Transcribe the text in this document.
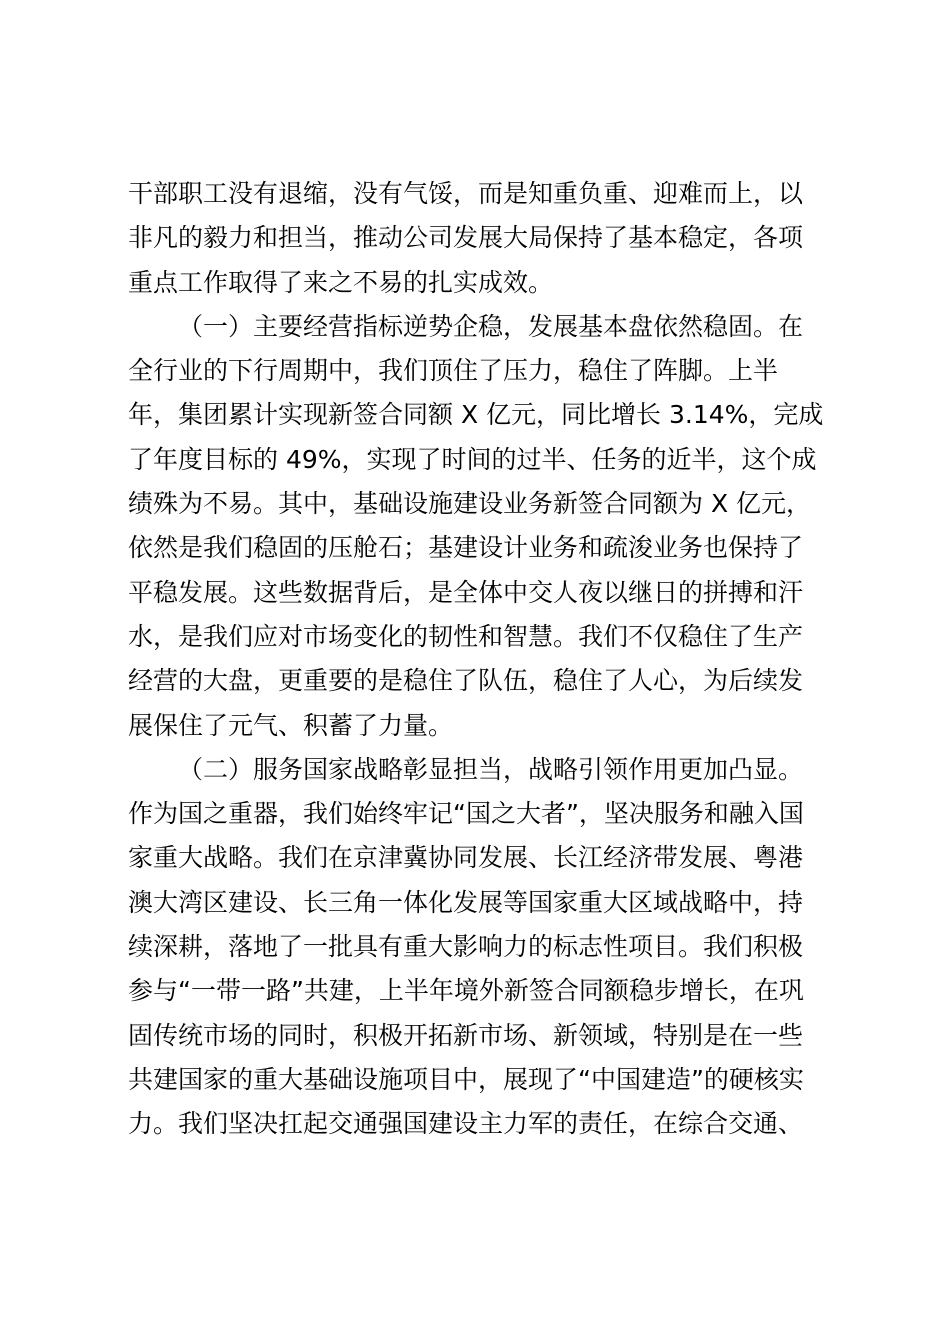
干部职工没有退缩，没有气馁，而是知重负重、迎难而上，以
非凡的毅力和担当，推动公司发展大局保持了基本稳定，各项
重点工作取得了来之不易的扎实成效。

（一）主要经营指标逆势企稳，发展基本盘依然稳固。在
全行业的下行周期中，我们顶住了压力，稳住了阵脚。上半
年，集团累计实现新签合同额 X 亿元，同比增长 3.14%，完成
了年度目标的 49%，实现了时间的过半、任务的近半，这个成
绩殊为不易。其中，基础设施建设业务新签合同额为 X 亿元，
依然是我们稳固的压舱石；基建设计业务和疏浚业务也保持了
平稳发展。这些数据背后，是全体中交人夜以继日的拼搏和汗
水，是我们应对市场变化的韧性和智慧。我们不仅稳住了生产
经营的大盘，更重要的是稳住了队伍，稳住了人心，为后续发
展保住了元气、积蓄了力量。

（二）服务国家战略彰显担当，战略引领作用更加凸显。
作为国之重器，我们始终牢记“国之大者”，坚决服务和融入国
家重大战略。我们在京津冀协同发展、长江经济带发展、粤港
澳大湾区建设、长三角一体化发展等国家重大区域战略中，持
续深耕，落地了一批具有重大影响力的标志性项目。我们积极
参与“一带一路”共建，上半年境外新签合同额稳步增长，在巩
固传统市场的同时，积极开拓新市场、新领域，特别是在一些
共建国家的重大基础设施项目中，展现了“中国建造”的硬核实
力。我们坚决扛起交通强国建设主力军的责任，在综合交通、
